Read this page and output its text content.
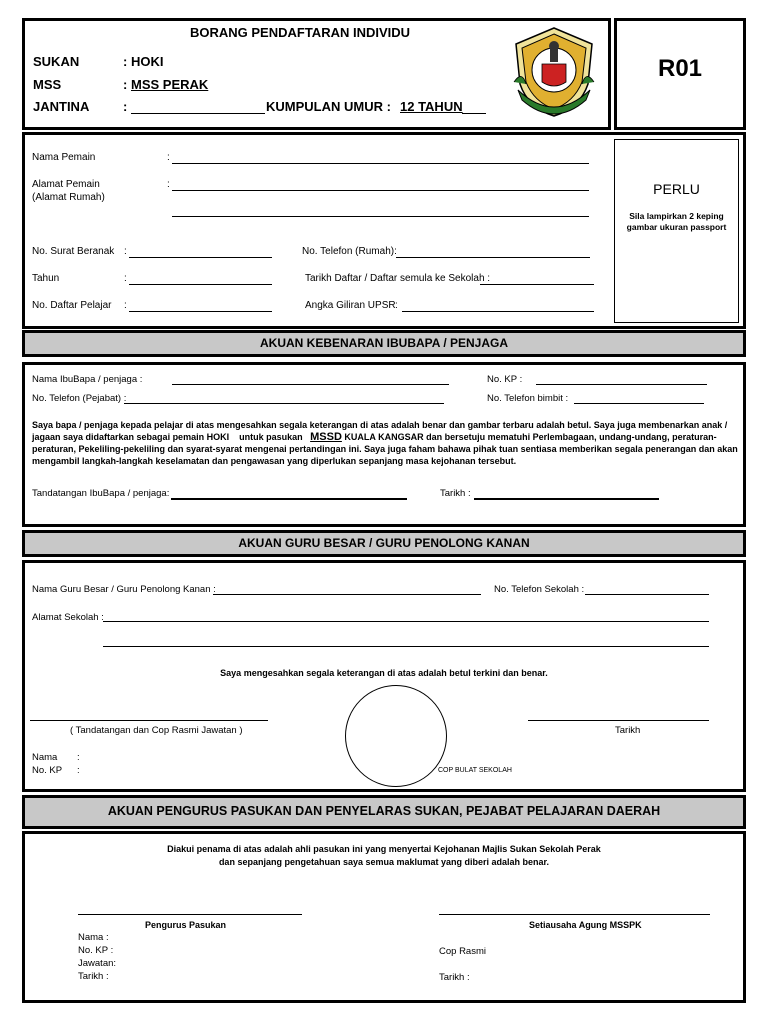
R01
BORANG PENDAFTARAN INDIVIDU
SUKAN	: HOKI
MSS	: MSS PERAK
JANTINA	:	KUMPULAN UMUR : 12 TAHUN
PERLU
Sila lampirkan 2 keping
gambar ukuran passport
Nama Pemain	:
Alamat Pemain
(Alamat Rumah)
:
No. Surat Beranak :	No. Telefon (Rumah):
Tahun	:	Tarikh Daftar / Daftar semula ke Sekolah :
No. Daftar Pelajar :	Angka Giliran UPSR :
AKUAN KEBENARAN IBUBAPA / PENJAGA
Nama IbuBapa / penjaga :	No. KP :
No. Telefon (Pejabat) :	No. Telefon bimbit :
Saya bapa / penjaga kepada pelajar di atas mengesahkan segala keterangan di atas adalah benar dan gambar terbaru adalah betul. Saya juga membenarkan anak /
jagaan saya didaftarkan sebagai pemain HOKI untuk pasukan MSSD KUALA KANGSAR dan bersetuju mematuhi Perlembagaan, undang-undang, peraturan-
peraturan, Pekeliling-pekeliling dan syarat-syarat mengenai pertandingan ini. Saya juga faham bahawa pihak tuan sentiasa memberikan segala penerangan dan akan
mengambil langkah-langkah keselamatan dan pengawasan yang diperlukan sepanjang masa kejohanan tersebut.
Tandatangan IbuBapa / penjaga:	Tarikh :
AKUAN GURU BESAR / GURU PENOLONG KANAN
Nama Guru Besar / Guru Penolong Kanan :	No. Telefon Sekolah :
Alamat Sekolah :
Saya mengesahkan segala keterangan di atas adalah betul terkini dan benar.
( Tandatangan dan Cop Rasmi Jawatan )	Tarikh
COP BULAT SEKOLAH
Nama :
No. KP :
AKUAN PENGURUS PASUKAN DAN PENYELARAS SUKAN, PEJABAT PELAJARAN DAERAH
Diakui penama di atas adalah ahli pasukan ini yang menyertai Kejohanan Majlis Sukan Sekolah Perak
dan sepanjang pengetahuan saya semua maklumat yang diberi adalah benar.
Pengurus Pasukan	Setiausaha Agung MSSPK
Nama :
No. KP :
Jawatan:
Tarikh :
Cop Rasmi
Tarikh :
